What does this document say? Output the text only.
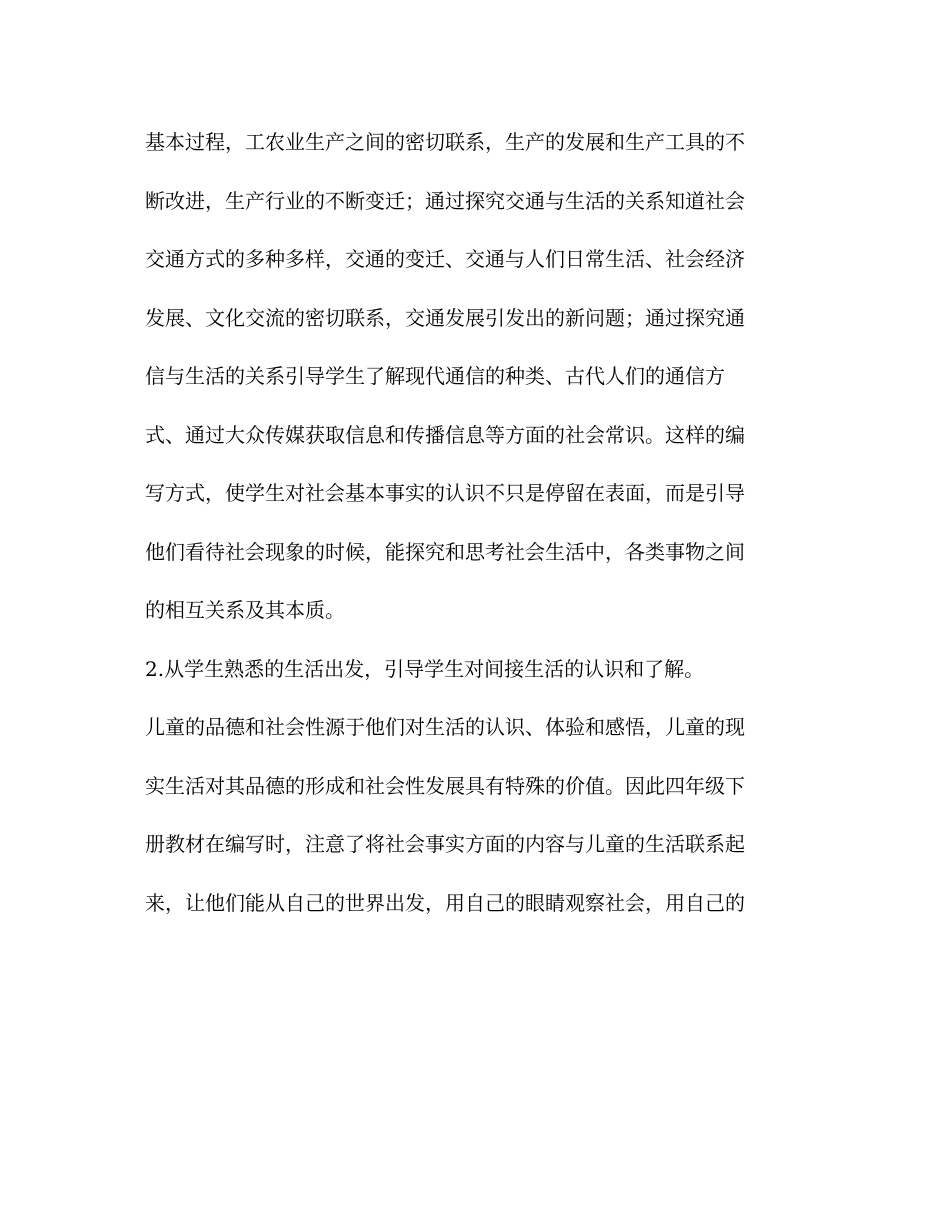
基本过程，工农业生产之间的密切联系，生产的发展和生产工具的不
断改进，生产行业的不断变迁；通过探究交通与生活的关系知道社会
交通方式的多种多样，交通的变迁、交通与人们日常生活、社会经济
发展、文化交流的密切联系，交通发展引发出的新问题；通过探究通
信与生活的关系引导学生了解现代通信的种类、古代人们的通信方
式、通过大众传媒获取信息和传播信息等方面的社会常识。这样的编
写方式，使学生对社会基本事实的认识不只是停留在表面，而是引导
他们看待社会现象的时候，能探究和思考社会生活中，各类事物之间
的相互关系及其本质。
2.从学生熟悉的生活出发，引导学生对间接生活的认识和了解。
儿童的品德和社会性源于他们对生活的认识、体验和感悟，儿童的现
实生活对其品德的形成和社会性发展具有特殊的价值。因此四年级下
册教材在编写时，注意了将社会事实方面的内容与儿童的生活联系起
来，让他们能从自己的世界出发，用自己的眼睛观察社会，用自己的
